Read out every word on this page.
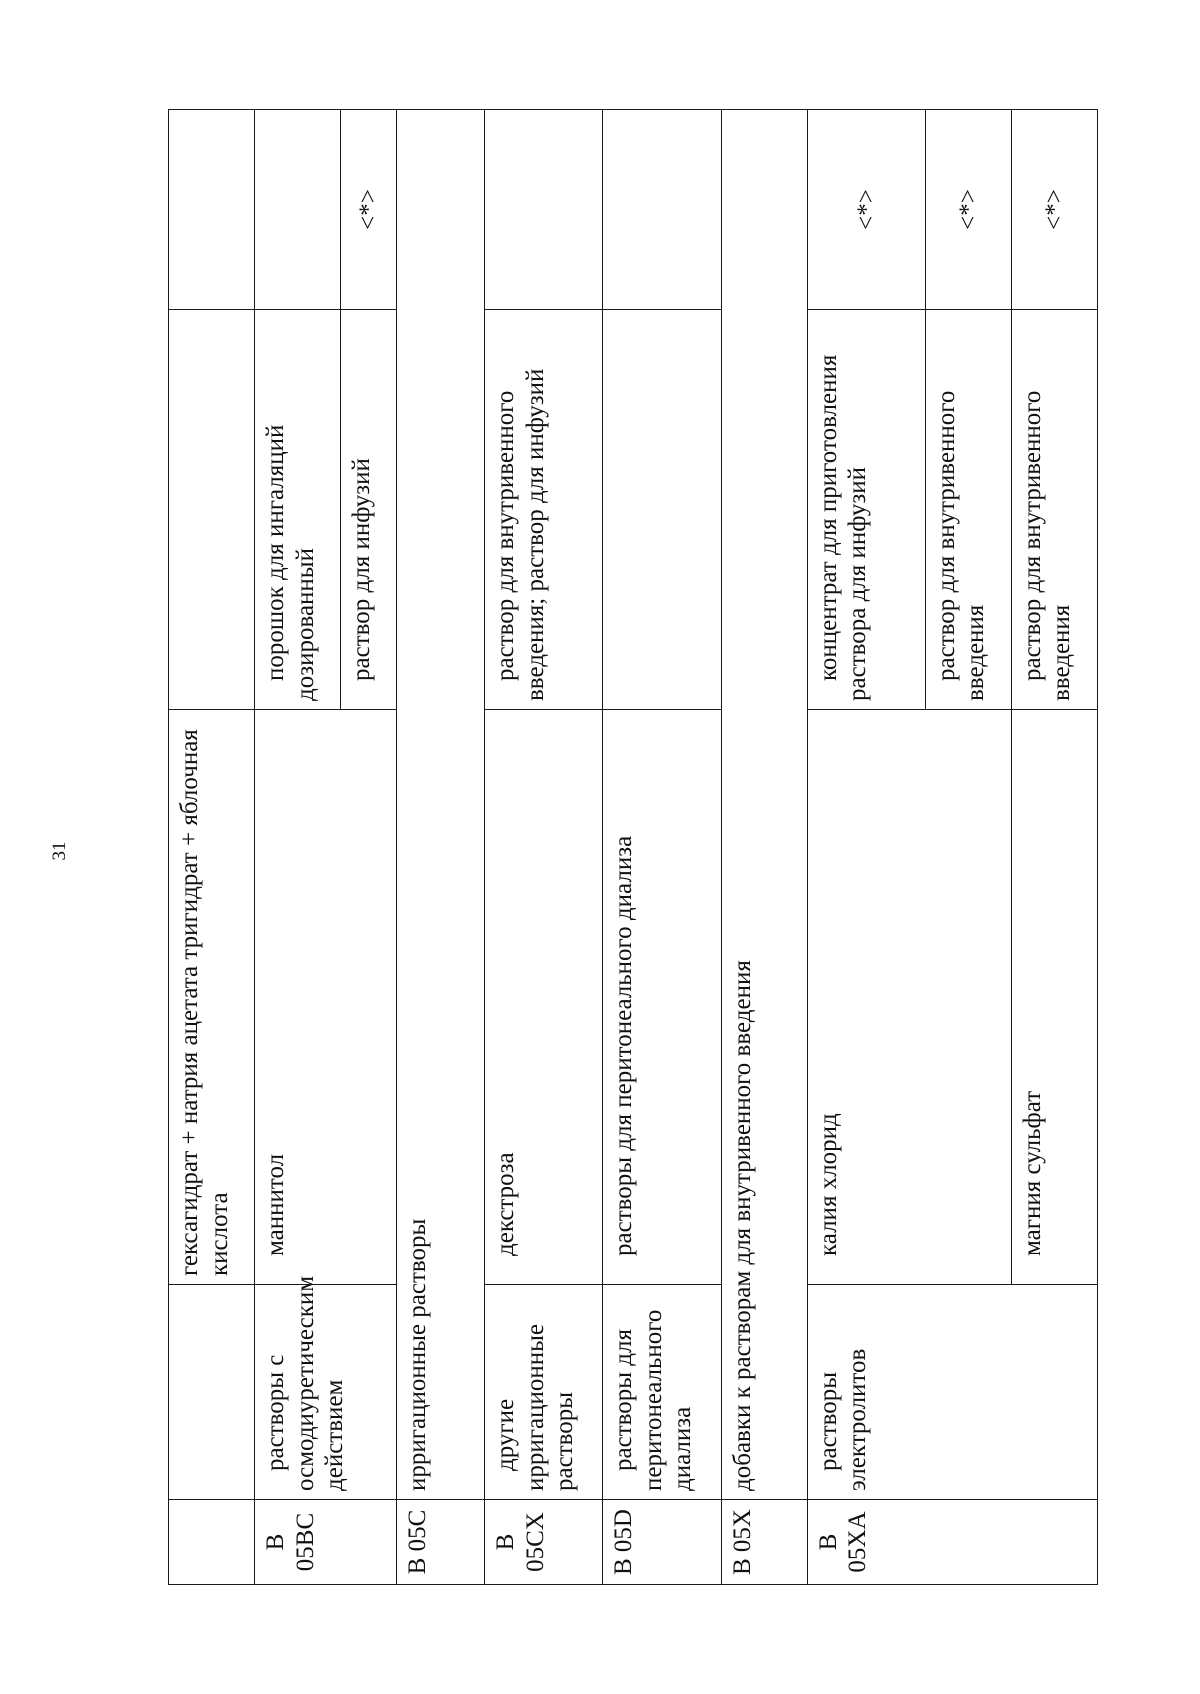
31
			гексагидрат + натрия ацетата тригидрат + яблочная кислота		
B 05BC	растворы с осмодиуретическим действием	маннитол	порошок для ингаляций дозированный	
			раствор для инфузий	<*>
B 05C	ирригационные растворы			
B 05CX	другие ирригационные растворы	декстроза	раствор для внутривенного введения; раствор для инфузий	
B 05D	растворы для перитонеального диализа	растворы для перитонеального диализа		
B 05X	добавки к растворам для внутривенного введения			
B 05XA	растворы электролитов	калия хлорид	концентрат для приготовления раствора для инфузий	<*>
			раствор для внутривенного введения	<*>
		магния сульфат	раствор для внутривенного введения	<*>
